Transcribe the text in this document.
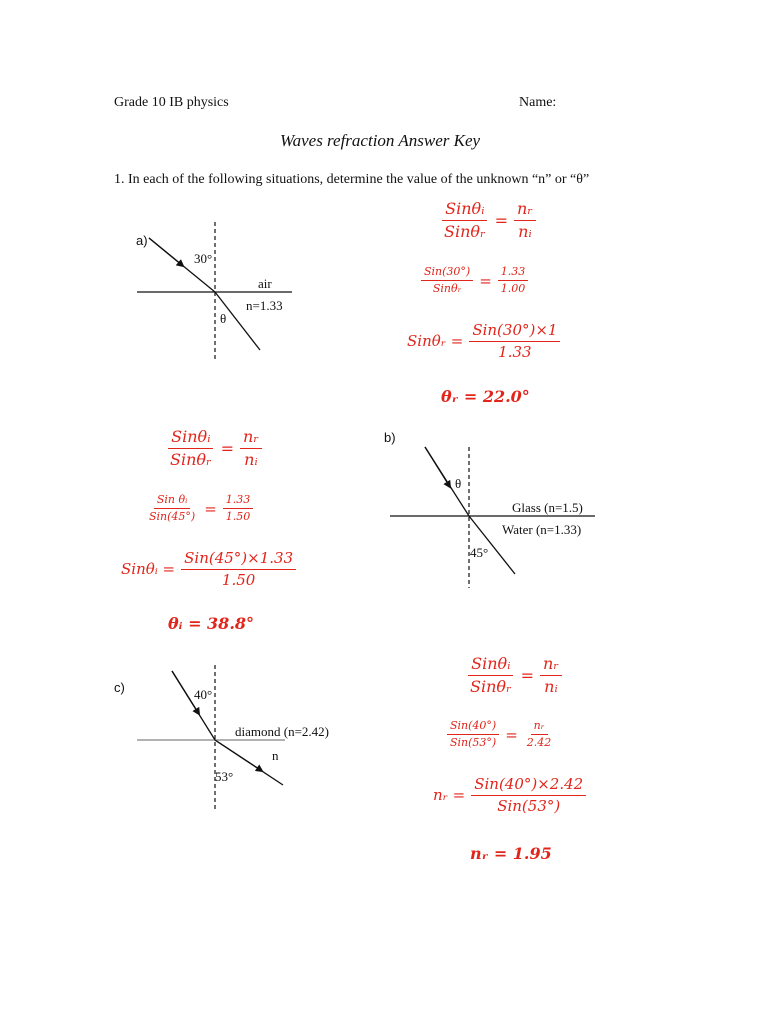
Grade 10 IB physics	Name:
Waves refraction Answer Key
1. In each of the following situations, determine the value of the unknown “n” or “θ”
a)
30°
air
n=1.33
θ
$\frac{\text{Sinθᵢ}}{\text{Sinθᵣ}} = \frac{\text{nᵣ}}{\text{nᵢ}}$
$\frac{\text{Sin(30°)}}{\text{Sinθᵣ}} = \frac{1.33}{1.00}$
Sinθᵣ = $\frac{\text{Sin(30°)×1}}{1.33}$
θᵣ = 22.0°
$\frac{\text{Sinθᵢ}}{\text{Sinθᵣ}} = \frac{\text{nᵣ}}{\text{nᵢ}}$
$\frac{\text{Sin θᵢ}}{\text{Sin(45°)}} = \frac{1.33}{1.50}$
Sinθᵢ = $\frac{\text{Sin(45°)×1.33}}{1.50}$
θᵢ = 38.8°
b)
θ
Glass (n=1.5)
Water (n=1.33)
45°
c)	40°
diamond (n=2.42)
n
53°
$\frac{\text{Sinθᵢ}}{\text{Sinθᵣ}} = \frac{\text{nᵣ}}{\text{nᵢ}}$
$\frac{\text{Sin(40°)}}{\text{Sin(53°)}} = \frac{\text{nᵣ}}{2.42}$
nᵣ = $\frac{\text{Sin(40°)×2.42}}{\text{Sin(53°)}}$
nᵣ = 1.95
